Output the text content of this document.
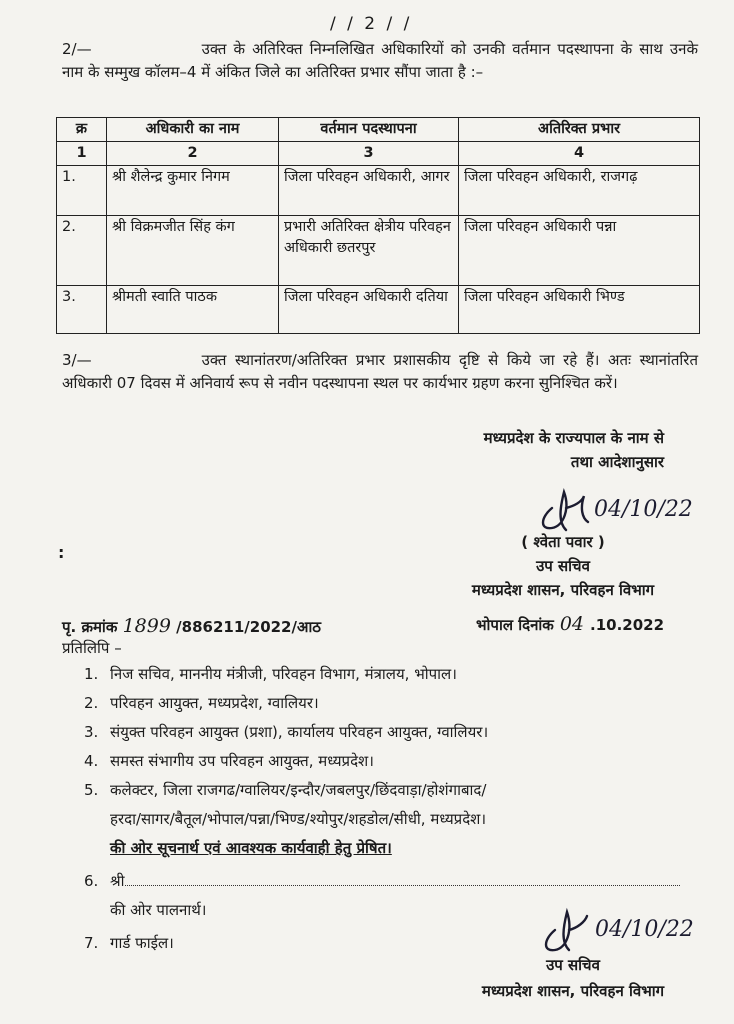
/ / 2 / /
2/—	उक्त के अतिरिक्त निम्नलिखित अधिकारियों को उनकी वर्तमान पदस्थापना के साथ उनके नाम के सम्मुख कॉलम–4 में अंकित जिले का अतिरिक्त प्रभार सौंपा जाता है :–
क्र	अधिकारी का नाम	वर्तमान पदस्थापना	अतिरिक्त प्रभार
1	2	3	4
1.	श्री शैलेन्द्र कुमार निगम	जिला परिवहन अधिकारी, आगर	जिला परिवहन अधिकारी, राजगढ़
2.	श्री विक्रमजीत सिंह कंग	प्रभारी अतिरिक्त क्षेत्रीय परिवहन अधिकारी छतरपुर	जिला परिवहन अधिकारी पन्ना
3.	श्रीमती स्वाति पाठक	जिला परिवहन अधिकारी दतिया	जिला परिवहन अधिकारी भिण्ड
3/—	उक्त स्थानांतरण/अतिरिक्त प्रभार प्रशासकीय दृष्टि से किये जा रहे हैं। अतः स्थानांतरित अधिकारी 07 दिवस में अनिवार्य रूप से नवीन पदस्थापना स्थल पर कार्यभार ग्रहण करना सुनिश्चित करें।
मध्यप्रदेश के राज्यपाल के नाम से
तथा आदेशानुसार
04/10/22
:
( श्वेता पवार )
उप सचिव
मध्यप्रदेश शासन, परिवहन विभाग
पृ. क्रमांक 1899 /886211/2022/आठ	भोपाल दिनांक 04 .10.2022
प्रतिलिपि –
1. निज सचिव, माननीय मंत्रीजी, परिवहन विभाग, मंत्रालय, भोपाल।
2. परिवहन आयुक्त, मध्यप्रदेश, ग्वालियर।
3. संयुक्त परिवहन आयुक्त (प्रशा), कार्यालय परिवहन आयुक्त, ग्वालियर।
4. समस्त संभागीय उप परिवहन आयुक्त, मध्यप्रदेश।
5. कलेक्टर, जिला राजगढ/ग्वालियर/इन्दौर/जबलपुर/छिंदवाड़ा/होशंगाबाद/
हरदा/सागर/बैतूल/भोपाल/पन्ना/भिण्ड/श्योपुर/शहडोल/सीधी, मध्यप्रदेश।
की ओर सूचनार्थ एवं आवश्यक कार्यवाही हेतु प्रेषित।
6. श्री
की ओर पालनार्थ।
7. गार्ड फाईल।
04/10/22
उप सचिव
मध्यप्रदेश शासन, परिवहन विभाग
